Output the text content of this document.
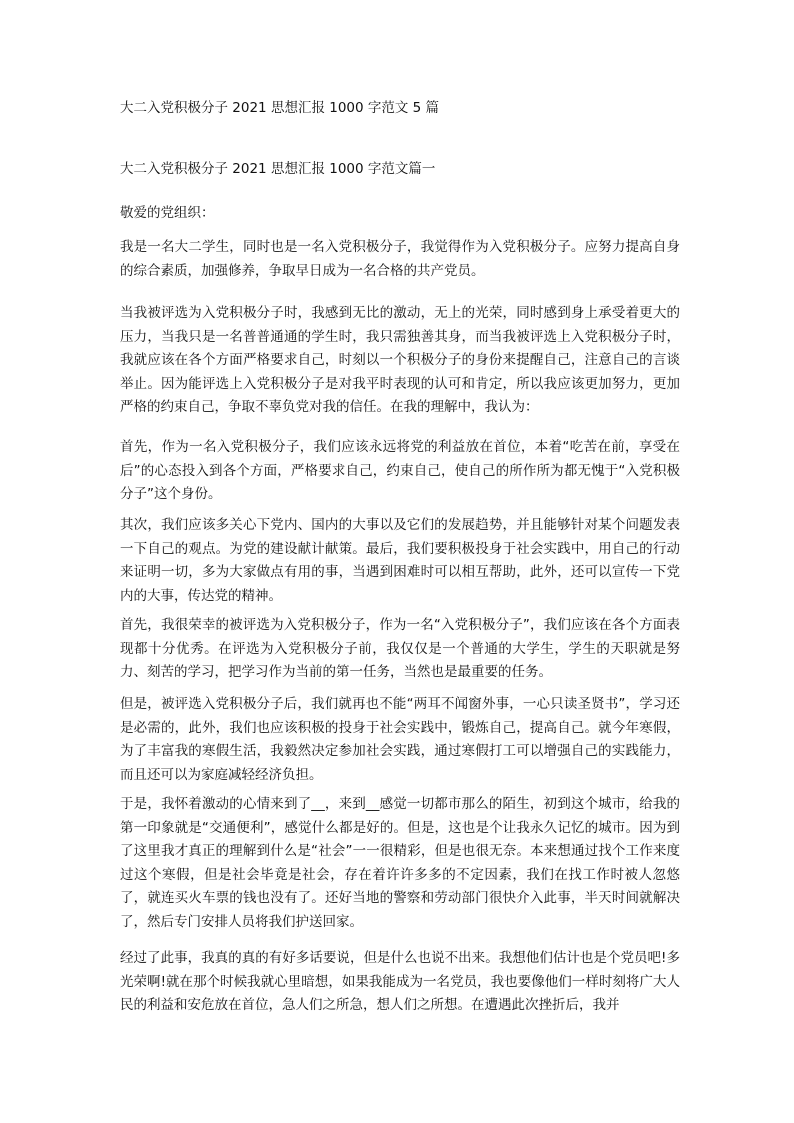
大二入党积极分子 2021 思想汇报 1000 字范文 5 篇
大二入党积极分子 2021 思想汇报 1000 字范文篇一

敬爱的党组织：

我是一名大二学生，同时也是一名入党积极分子，我觉得作为入党积极分子。应努力提高自身的综合素质，加强修养，争取早日成为一名合格的共产党员。

当我被评选为入党积极分子时，我感到无比的激动，无上的光荣，同时感到身上承受着更大的压力，当我只是一名普普通通的学生时，我只需独善其身，而当我被评选上入党积极分子时，我就应该在各个方面严格要求自己，时刻以一个积极分子的身份来提醒自己，注意自己的言谈举止。因为能评选上入党积极分子是对我平时表现的认可和肯定，所以我应该更加努力，更加严格的约束自己，争取不辜负党对我的信任。在我的理解中，我认为：

首先，作为一名入党积极分子，我们应该永远将党的利益放在首位，本着“吃苦在前，享受在后”的心态投入到各个方面，严格要求自己，约束自己，使自己的所作所为都无愧于“入党积极分子”这个身份。

其次，我们应该多关心下党内、国内的大事以及它们的发展趋势，并且能够针对某个问题发表一下自己的观点。为党的建设献计献策。最后，我们要积极投身于社会实践中，用自己的行动来证明一切，多为大家做点有用的事，当遇到困难时可以相互帮助，此外，还可以宣传一下党内的大事，传达党的精神。

首先，我很荣幸的被评选为入党积极分子，作为一名“入党积极分子”，我们应该在各个方面表现都十分优秀。在评选为入党积极分子前，我仅仅是一个普通的大学生，学生的天职就是努力、刻苦的学习，把学习作为当前的第一任务，当然也是最重要的任务。

但是，被评选入党积极分子后，我们就再也不能“两耳不闻窗外事，一心只读圣贤书”，学习还是必需的，此外，我们也应该积极的投身于社会实践中，锻炼自己，提高自己。就今年寒假，为了丰富我的寒假生活，我毅然决定参加社会实践，通过寒假打工可以增强自己的实践能力，而且还可以为家庭减轻经济负担。

于是，我怀着激动的心情来到了__，来到__感觉一切都市那么的陌生，初到这个城市，给我的第一印象就是“交通便利”，感觉什么都是好的。但是，这也是个让我永久记忆的城市。因为到了这里我才真正的理解到什么是“社会”一一很精彩，但是也很无奈。本来想通过找个工作来度过这个寒假，但是社会毕竟是社会，存在着许许多多的不定因素，我们在找工作时被人忽悠了，就连买火车票的钱也没有了。还好当地的警察和劳动部门很快介入此事，半天时间就解决了，然后专门安排人员将我们护送回家。

经过了此事，我真的真的有好多话要说，但是什么也说不出来。我想他们估计也是个党员吧!多光荣啊!就在那个时候我就心里暗想，如果我能成为一名党员，我也要像他们一样时刻将广大人民的利益和安危放在首位，急人们之所急，想人们之所想。在遭遇此次挫折后，我并
